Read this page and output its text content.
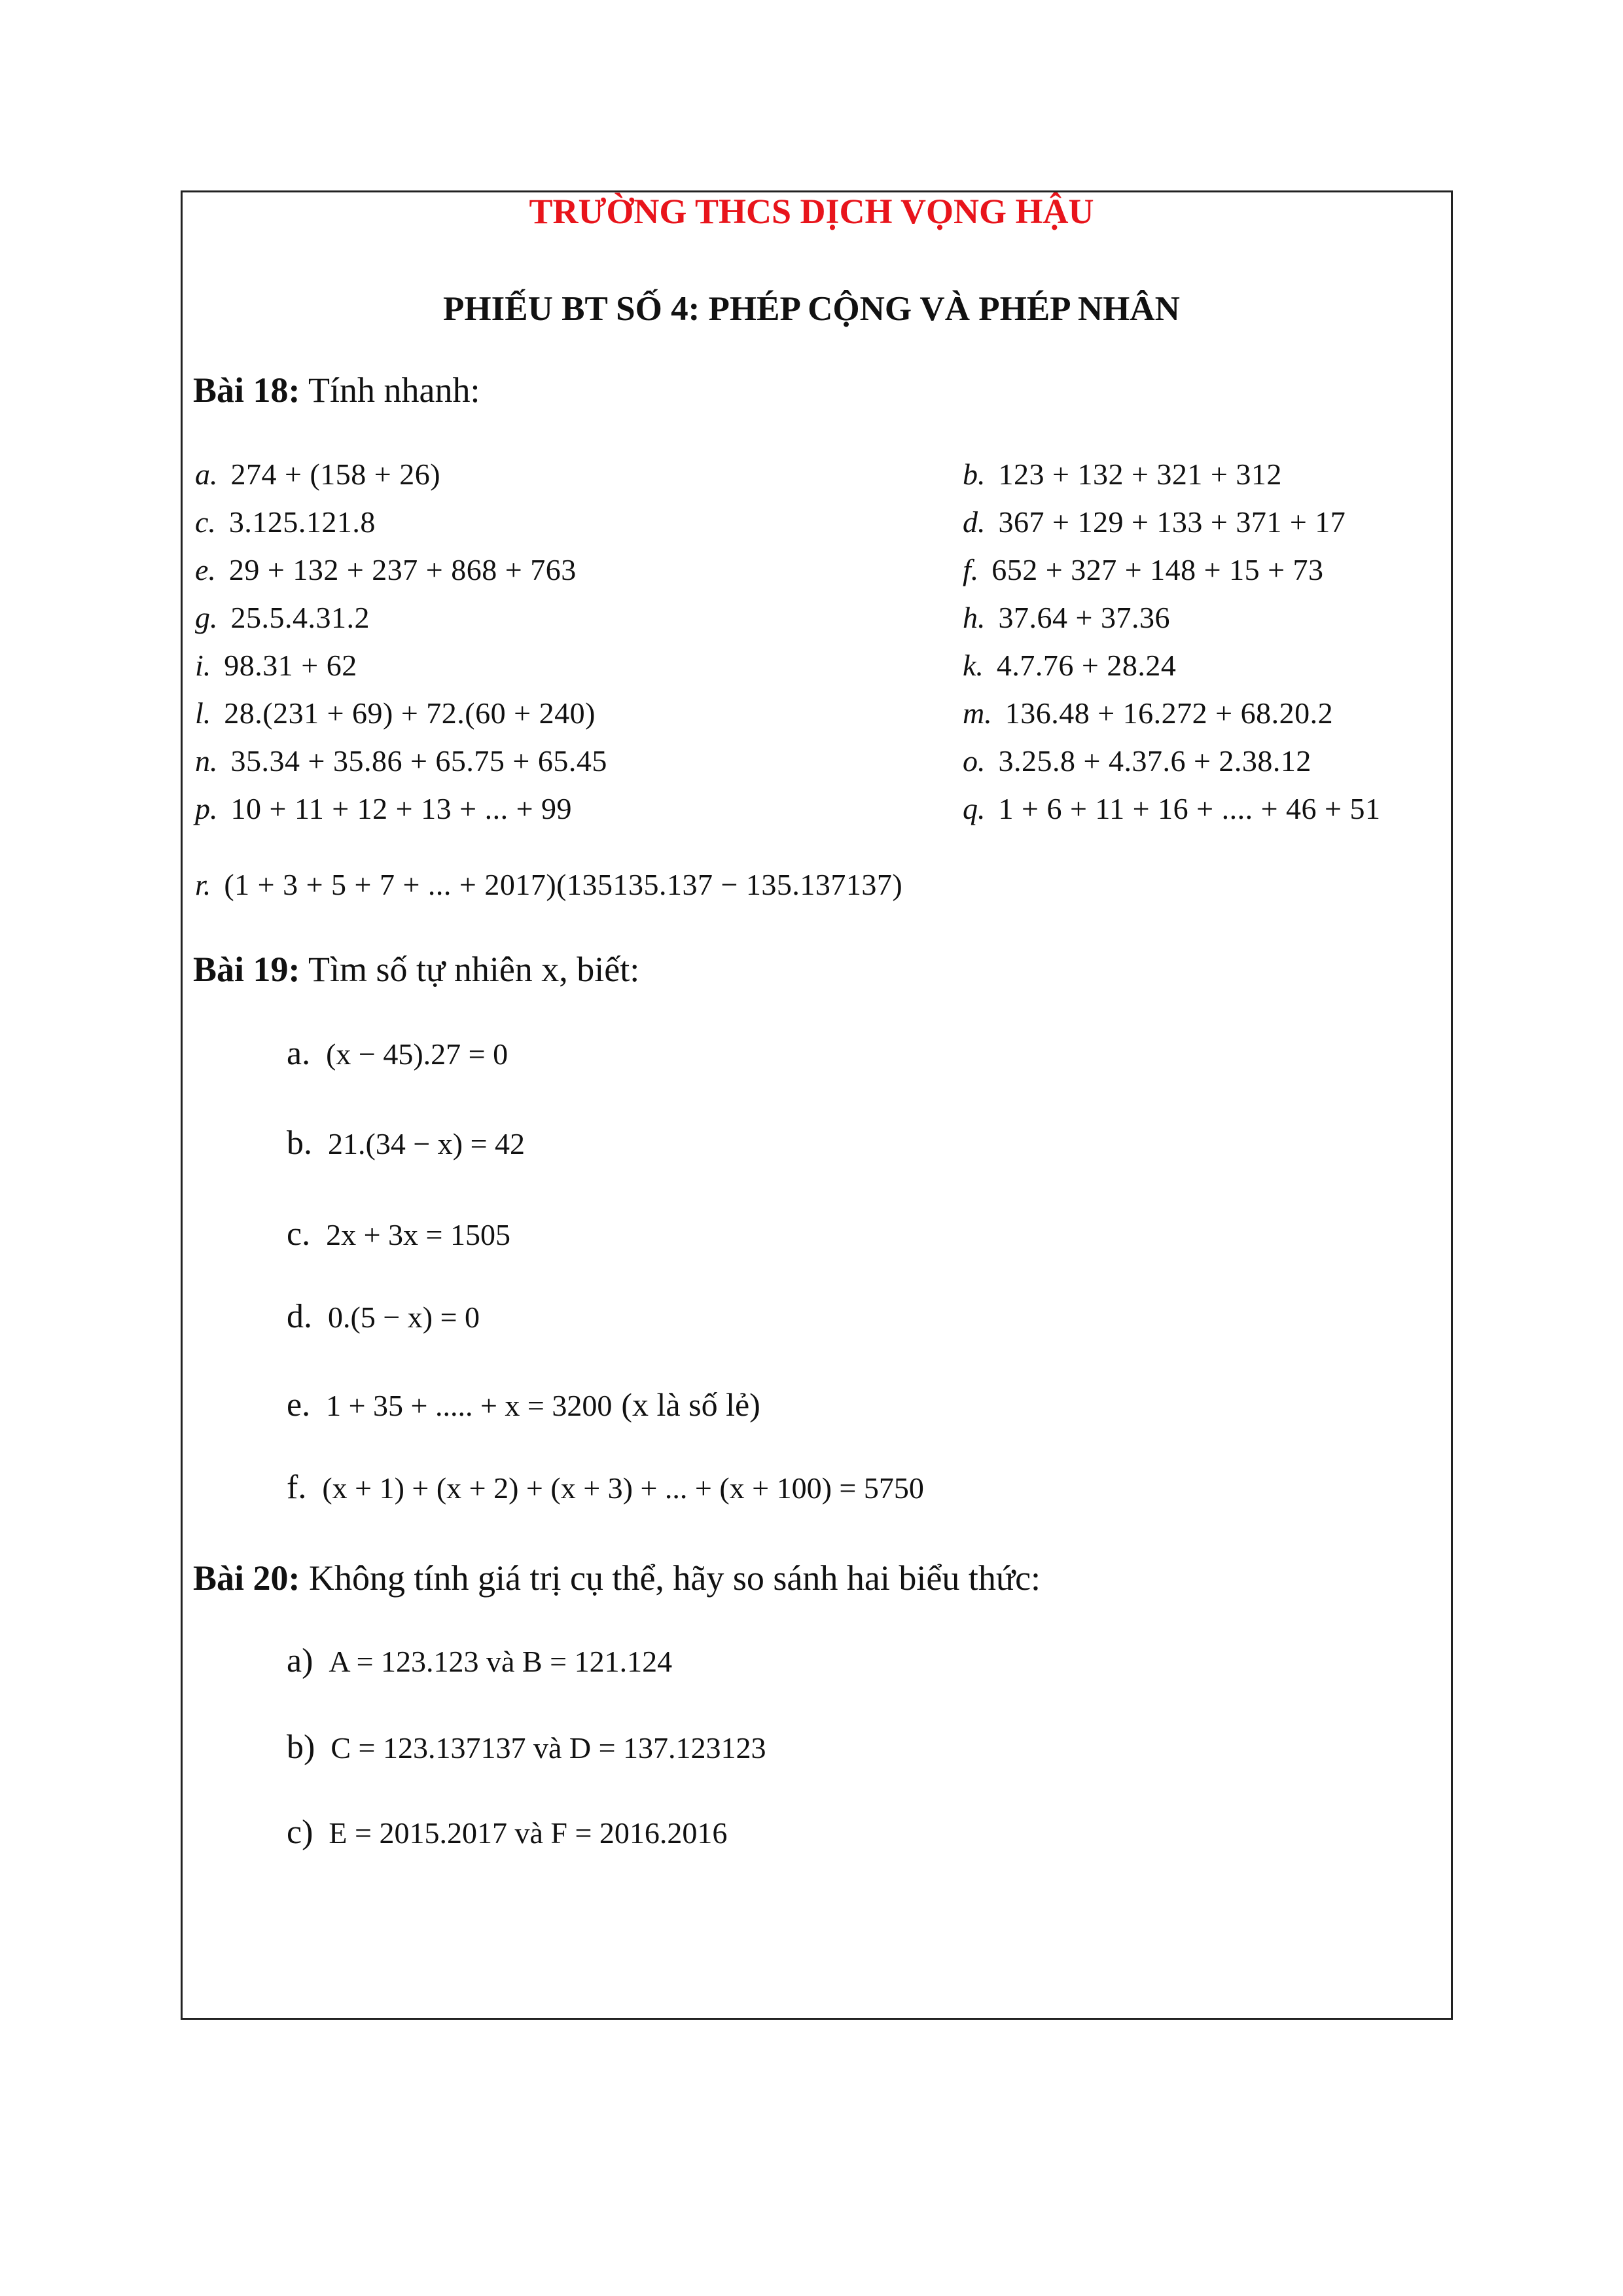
TRƯỜNG THCS DỊCH VỌNG HẬU
PHIẾU BT SỐ 4: PHÉP CỘNG VÀ PHÉP NHÂN
Bài 18: Tính nhanh:
a. 274 + (158 + 26)	b. 123 + 132 + 321 + 312
c. 3.125.121.8	d. 367 + 129 + 133 + 371 + 17
e. 29 + 132 + 237 + 868 + 763	f. 652 + 327 + 148 + 15 + 73
g. 25.5.4.31.2	h. 37.64 + 37.36
i. 98.31 + 62	k. 4.7.76 + 28.24
l. 28.(231 + 69) + 72.(60 + 240)	m. 136.48 + 16.272 + 68.20.2
n. 35.34 + 35.86 + 65.75 + 65.45	o. 3.25.8 + 4.37.6 + 2.38.12
p. 10 + 11 + 12 + 13 + ... + 99	q. 1 + 6 + 11 + 16 + .... + 46 + 51
r. (1 + 3 + 5 + 7 + ... + 2017)(135135.137 − 135.137137)
Bài 19: Tìm số tự nhiên x, biết:
a. (x − 45).27 = 0
b. 21.(34 − x) = 42
c. 2x + 3x = 1505
d. 0.(5 − x) = 0
e. 1 + 35 + ..... + x = 3200 (x là số lẻ)
f. (x + 1) + (x + 2) + (x + 3) + ... + (x + 100) = 5750
Bài 20: Không tính giá trị cụ thể, hãy so sánh hai biểu thức:
a) A = 123.123 và B = 121.124
b) C = 123.137137 và D = 137.123123
c) E = 2015.2017 và F = 2016.2016
